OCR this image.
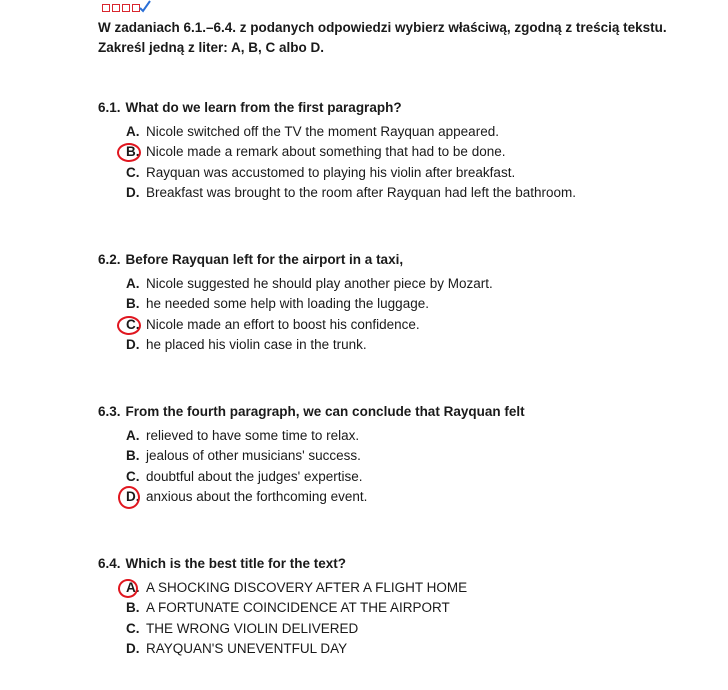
W zadaniach 6.1.–6.4. z podanych odpowiedzi wybierz właściwą, zgodną z treścią tekstu. Zakreśl jedną z liter: A, B, C albo D.
6.1. What do we learn from the first paragraph?
A. Nicole switched off the TV the moment Rayquan appeared.
B. Nicole made a remark about something that had to be done.
C. Rayquan was accustomed to playing his violin after breakfast.
D. Breakfast was brought to the room after Rayquan had left the bathroom.
6.2. Before Rayquan left for the airport in a taxi,
A. Nicole suggested he should play another piece by Mozart.
B. he needed some help with loading the luggage.
C. Nicole made an effort to boost his confidence.
D. he placed his violin case in the trunk.
6.3. From the fourth paragraph, we can conclude that Rayquan felt
A. relieved to have some time to relax.
B. jealous of other musicians' success.
C. doubtful about the judges' expertise.
D. anxious about the forthcoming event.
6.4. Which is the best title for the text?
A. A SHOCKING DISCOVERY AFTER A FLIGHT HOME
B. A FORTUNATE COINCIDENCE AT THE AIRPORT
C. THE WRONG VIOLIN DELIVERED
D. RAYQUAN'S UNEVENTFUL DAY
